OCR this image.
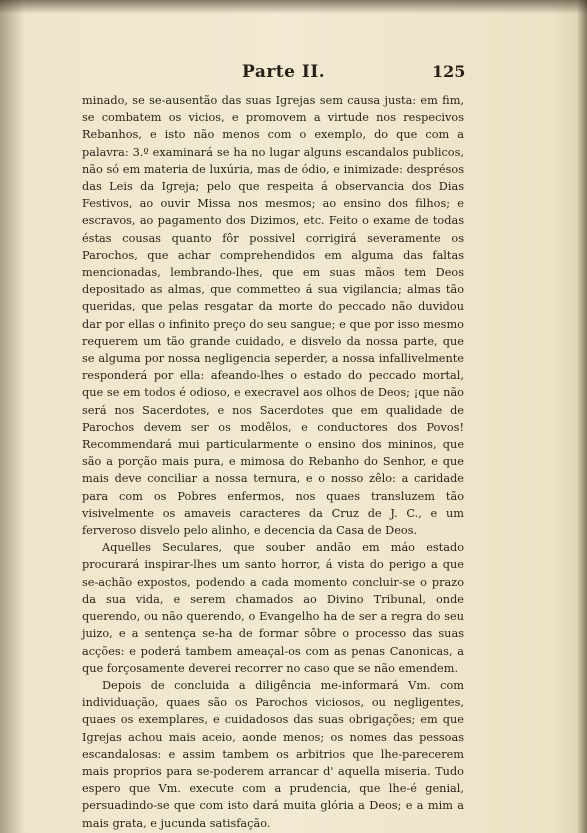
Parte II.	125

minado, se se-ausentão das suas Igrejas sem causa justa: em fim, se combatem os vicios, e promovem a virtude nos respecivos Rebanhos, e isto não menos com o exemplo, do que com a palavra: 3.º examinará se ha no lugar alguns escandalos publicos, não só em materia de luxúria, mas de ódio, e inimizade: desprésos das Leis da Igreja; pelo que respeita á observancia dos Dias Festivos, ao ouvir Missa nos mesmos; ao ensino dos filhos; e escravos, ao pagamento dos Dizimos, etc. Feito o exame de todas éstas cousas quanto fôr possivel corrigirá severamente os Parochos, que achar comprehendidos em alguma das faltas mencionadas, lembrando-lhes, que em suas mãos tem Deos depositado as almas, que commetteo á sua vigilancia; almas tão queridas, que pelas resgatar da morte do peccado não duvidou dar por ellas o infinito preço do seu sangue; e que por isso mesmo requerem um tão grande cuidado, e disvelo da nossa parte, que se alguma por nossa negligencia seperder, a nossa infallivelmente responderá por ella: afeando-lhes o estado do peccado mortal, que se em todos é odioso, e execravel aos olhos de Deos; ¡que não será nos Sacerdotes, e nos Sacerdotes que em qualidade de Parochos devem ser os modêlos, e conductores dos Povos! Recommendará mui particularmente o ensino dos mininos, que são a porção mais pura, e mimosa do Rebanho do Senhor, e que mais deve conciliar a nossa ternura, e o nosso zêlo: a caridade para com os Pobres enfermos, nos quaes transluzem tão visivelmente os amaveis caracteres da Cruz de J. C., e um ferveroso disvelo pelo alinho, e decencia da Casa de Deos.

Aquelles Seculares, que souber andão em máo estado procurará inspirar-lhes um santo horror, á vista do perigo a que se-achão expostos, podendo a cada momento concluir-se o prazo da sua vida, e serem chamados ao Divino Tribunal, onde querendo, ou não querendo, o Evangelho ha de ser a regra do seu juizo, e a sentença se-ha de formar sôbre o processo das suas acções: e poderá tambem ameaçal-os com as penas Canonicas, a que forçosamente deverei recorrer no caso que se não emendem.

Depois de concluida a diligência me-informará Vm. com individuação, quaes são os Parochos viciosos, ou negligentes, quaes os exemplares, e cuidadosos das suas obrigações; em que Igrejas achou mais aceio, aonde menos; os nomes das pessoas escandalosas: e assim tambem os arbitrios que lhe-parecerem mais proprios para se-poderem arrancar d' aquella miseria. Tudo espero que Vm. execute com a prudencia, que lhe-é genial, persuadindo-se que com isto dará muita glória a Deos; e a mim a mais grata, e jucunda satisfação.
